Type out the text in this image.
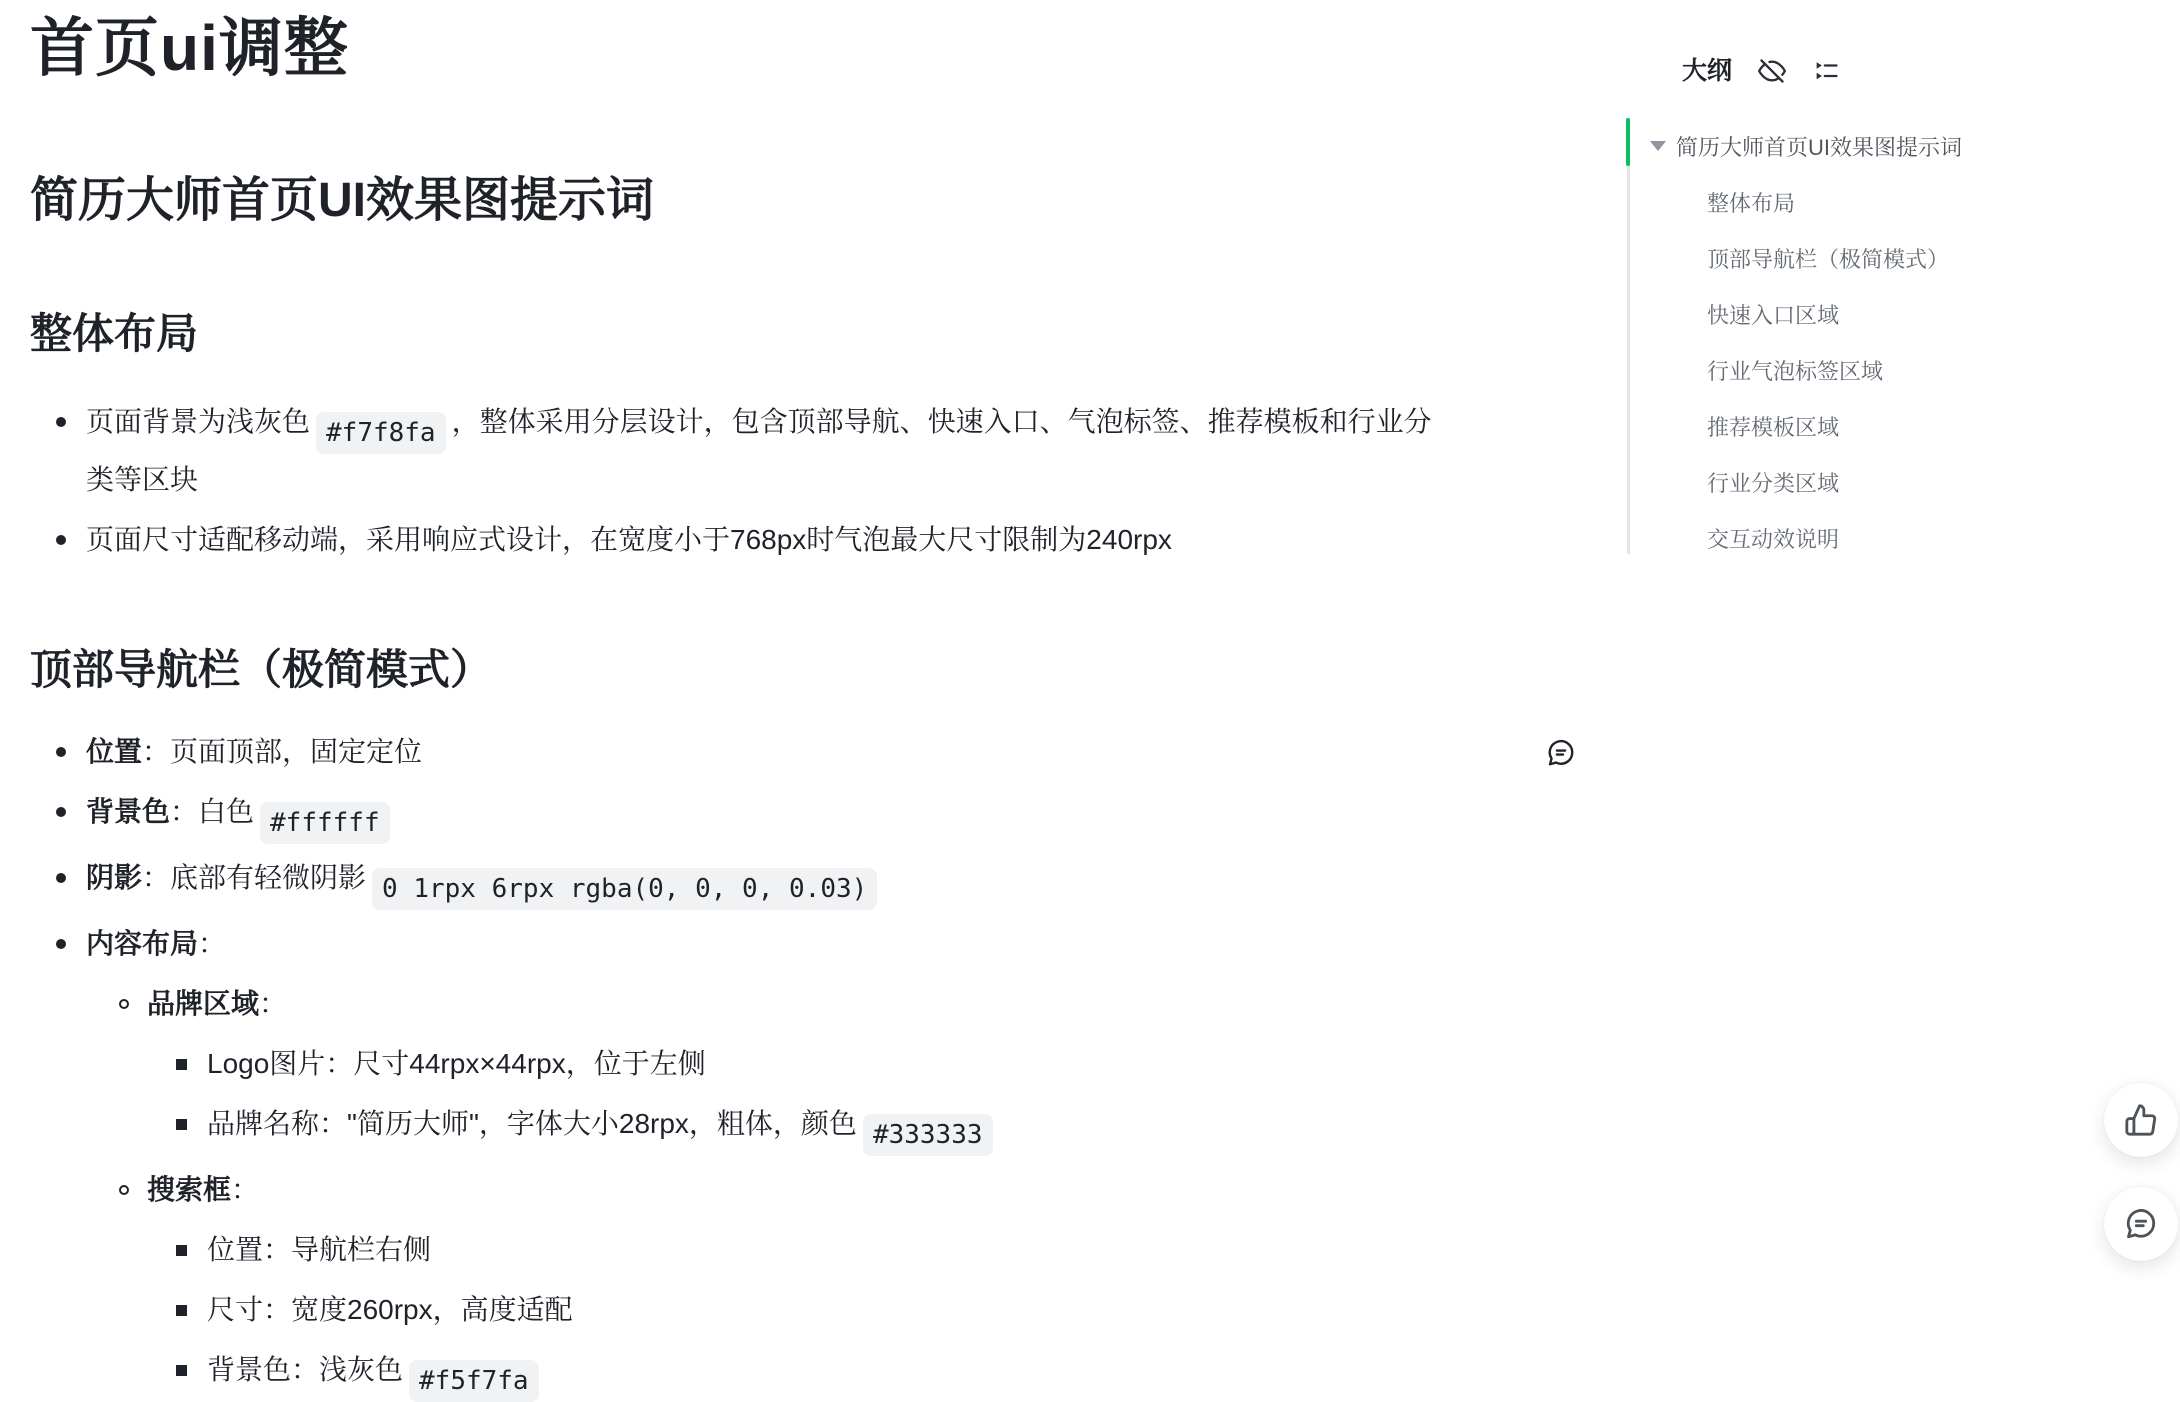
首页ui调整
简历大师首页UI效果图提示词
整体布局
页面背景为浅灰色 #f7f8fa ，整体采用分层设计，包含顶部导航、快速入口、气泡标签、推荐模板和行业分类等区块
页面尺寸适配移动端，采用响应式设计，在宽度小于768px时气泡最大尺寸限制为240rpx
顶部导航栏（极简模式）
位置：页面顶部，固定定位
背景色：白色 #ffffff
阴影：底部有轻微阴影 0 1rpx 6rpx rgba(0, 0, 0, 0.03)
内容布局：
品牌区域：
Logo图片：尺寸44rpx×44rpx，位于左侧
品牌名称："简历大师"，字体大小28rpx，粗体，颜色 #333333
搜索框：
位置：导航栏右侧
尺寸：宽度260rpx，高度适配
背景色：浅灰色 #f5f7fa
大纲
简历大师首页UI效果图提示词
整体布局
顶部导航栏（极简模式）
快速入口区域
行业气泡标签区域
推荐模板区域
行业分类区域
交互动效说明
